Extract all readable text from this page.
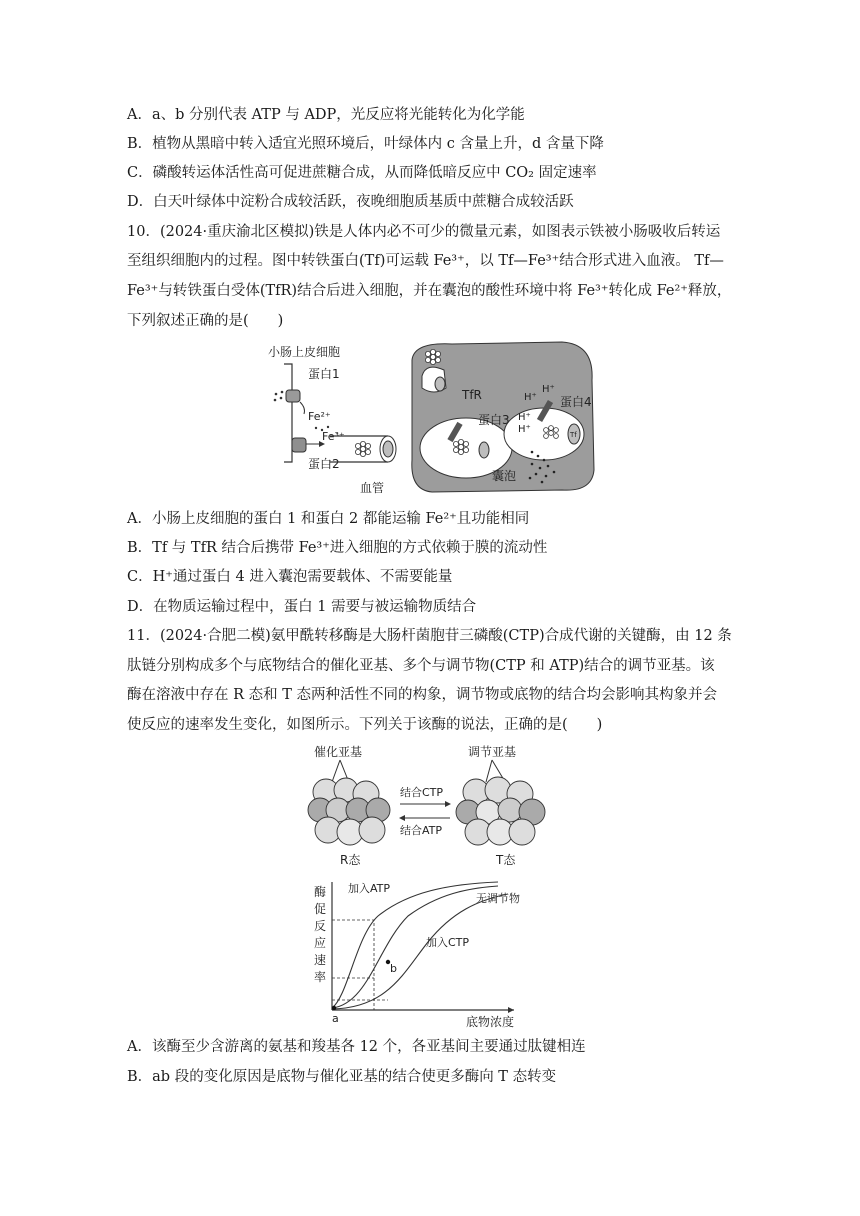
A．a、b 分别代表 ATP 与 ADP，光反应将光能转化为化学能
B．植物从黑暗中转入适宜光照环境后，叶绿体内 c 含量上升，d 含量下降
C．磷酸转运体活性高可促进蔗糖合成，从而降低暗反应中 CO₂ 固定速率
D．白天叶绿体中淀粉合成较活跃，夜晚细胞质基质中蔗糖合成较活跃
10．(2024·重庆渝北区模拟)铁是人体内必不可少的微量元素，如图表示铁被小肠吸收后转运
至组织细胞内的过程。图中转铁蛋白(Tf)可运载 Fe³⁺，以 Tf—Fe³⁺结合形式进入血液。 Tf—
Fe³⁺与转铁蛋白受体(TfR)结合后进入细胞，并在囊泡的酸性环境中将 Fe³⁺转化成 Fe²⁺释放，
下列叙述正确的是(　　)
小肠上皮细胞
蛋白1
Fe²⁺
Fe³⁺
蛋白2
血管
TfR
蛋白3
囊泡
H⁺
H⁺
H⁺
H⁺
蛋白4
Tf
A．小肠上皮细胞的蛋白 1 和蛋白 2 都能运输 Fe²⁺且功能相同
B．Tf 与 TfR 结合后携带 Fe³⁺进入细胞的方式依赖于膜的流动性
C．H⁺通过蛋白 4 进入囊泡需要载体、不需要能量
D．在物质运输过程中，蛋白 1 需要与被运输物质结合
11．(2024·合肥二模)氨甲酰转移酶是大肠杆菌胞苷三磷酸(CTP)合成代谢的关键酶，由 12 条
肽链分别构成多个与底物结合的催化亚基、多个与调节物(CTP 和 ATP)结合的调节亚基。该
酶在溶液中存在 R 态和 T 态两种活性不同的构象，调节物或底物的结合均会影响其构象并会
使反应的速率发生变化，如图所示。下列关于该酶的说法，正确的是(　　)
催化亚基	调节亚基
R态
结合CTP
结合ATP
T态
酶
促
反
应
速
率
加入ATP
无调节物
加入CTP
a
b
底物浓度
A．该酶至少含游离的氨基和羧基各 12 个，各亚基间主要通过肽键相连
B．ab 段的变化原因是底物与催化亚基的结合使更多酶向 T 态转变
